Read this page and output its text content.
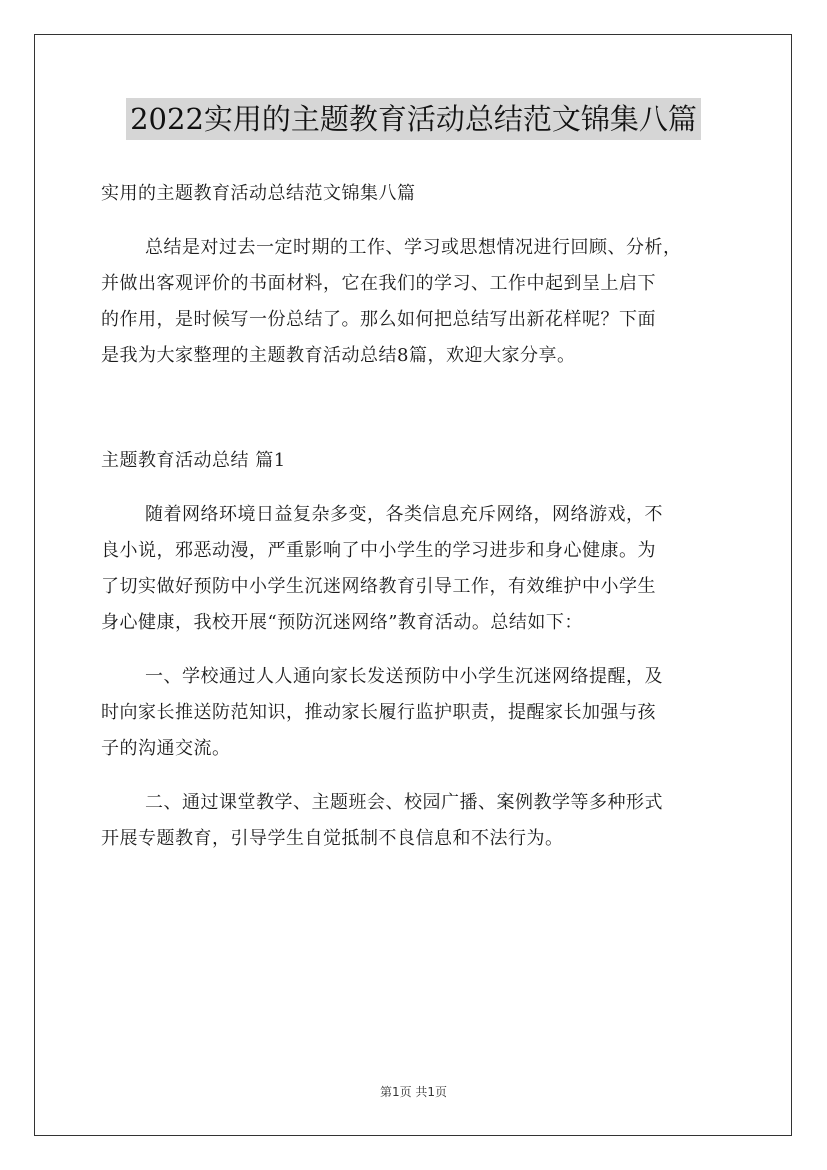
2022实用的主题教育活动总结范文锦集八篇
实用的主题教育活动总结范文锦集八篇
总结是对过去一定时期的工作、学习或思想情况进行回顾、分析，
并做出客观评价的书面材料，它在我们的学习、工作中起到呈上启下
的作用，是时候写一份总结了。那么如何把总结写出新花样呢？下面
是我为大家整理的主题教育活动总结8篇，欢迎大家分享。
主题教育活动总结 篇1
随着网络环境日益复杂多变，各类信息充斥网络，网络游戏，不
良小说，邪恶动漫，严重影响了中小学生的学习进步和身心健康。为
了切实做好预防中小学生沉迷网络教育引导工作，有效维护中小学生
身心健康，我校开展“预防沉迷网络”教育活动。总结如下：
一、学校通过人人通向家长发送预防中小学生沉迷网络提醒，及
时向家长推送防范知识，推动家长履行监护职责，提醒家长加强与孩
子的沟通交流。
二、通过课堂教学、主题班会、校园广播、案例教学等多种形式
开展专题教育，引导学生自觉抵制不良信息和不法行为。
第1页 共1页
